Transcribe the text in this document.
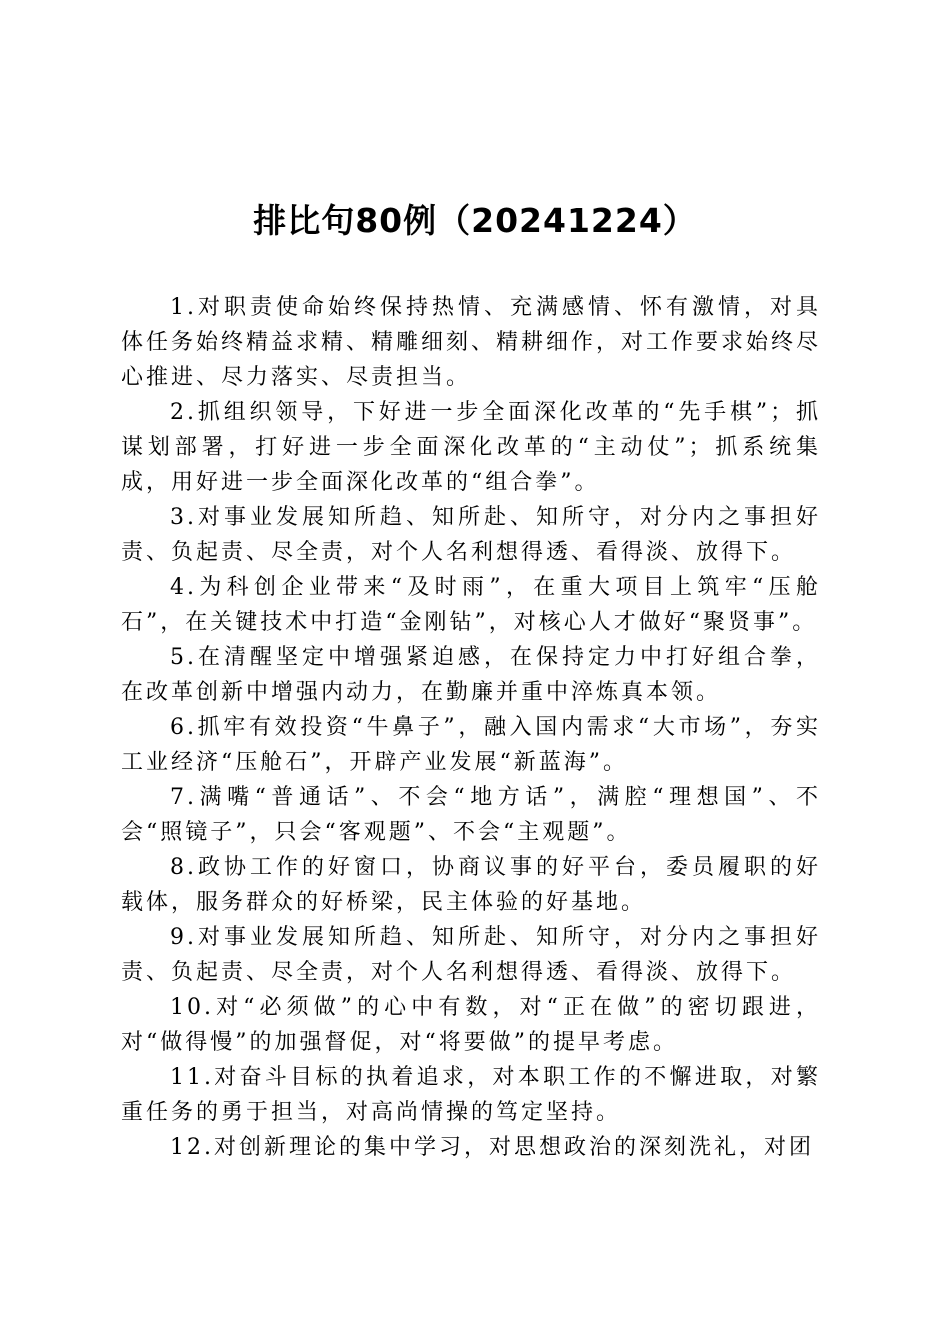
排比句80例（20241224）

1.对职责使命始终保持热情、充满感情、怀有激情，对具体任务始终精益求精、精雕细刻、精耕细作，对工作要求始终尽心推进、尽力落实、尽责担当。

2.抓组织领导，下好进一步全面深化改革的“先手棋”；抓谋划部署，打好进一步全面深化改革的“主动仗”；抓系统集成，用好进一步全面深化改革的“组合拳”。

3.对事业发展知所趋、知所赴、知所守，对分内之事担好责、负起责、尽全责，对个人名利想得透、看得淡、放得下。

4.为科创企业带来“及时雨”，在重大项目上筑牢“压舱石”，在关键技术中打造“金刚钻”，对核心人才做好“聚贤事”。

5.在清醒坚定中增强紧迫感，在保持定力中打好组合拳，在改革创新中增强内动力，在勤廉并重中淬炼真本领。

6.抓牢有效投资“牛鼻子”，融入国内需求“大市场”，夯实工业经济“压舱石”，开辟产业发展“新蓝海”。

7.满嘴“普通话”、不会“地方话”，满腔“理想国”、不会“照镜子”，只会“客观题”、不会“主观题”。

8.政协工作的好窗口，协商议事的好平台，委员履职的好载体，服务群众的好桥梁，民主体验的好基地。

9.对事业发展知所趋、知所赴、知所守，对分内之事担好责、负起责、尽全责，对个人名利想得透、看得淡、放得下。

10.对“必须做”的心中有数，对“正在做”的密切跟进，对“做得慢”的加强督促，对“将要做”的提早考虑。

11.对奋斗目标的执着追求，对本职工作的不懈进取，对繁重任务的勇于担当，对高尚情操的笃定坚持。

12.对创新理论的集中学习，对思想政治的深刻洗礼，对团
